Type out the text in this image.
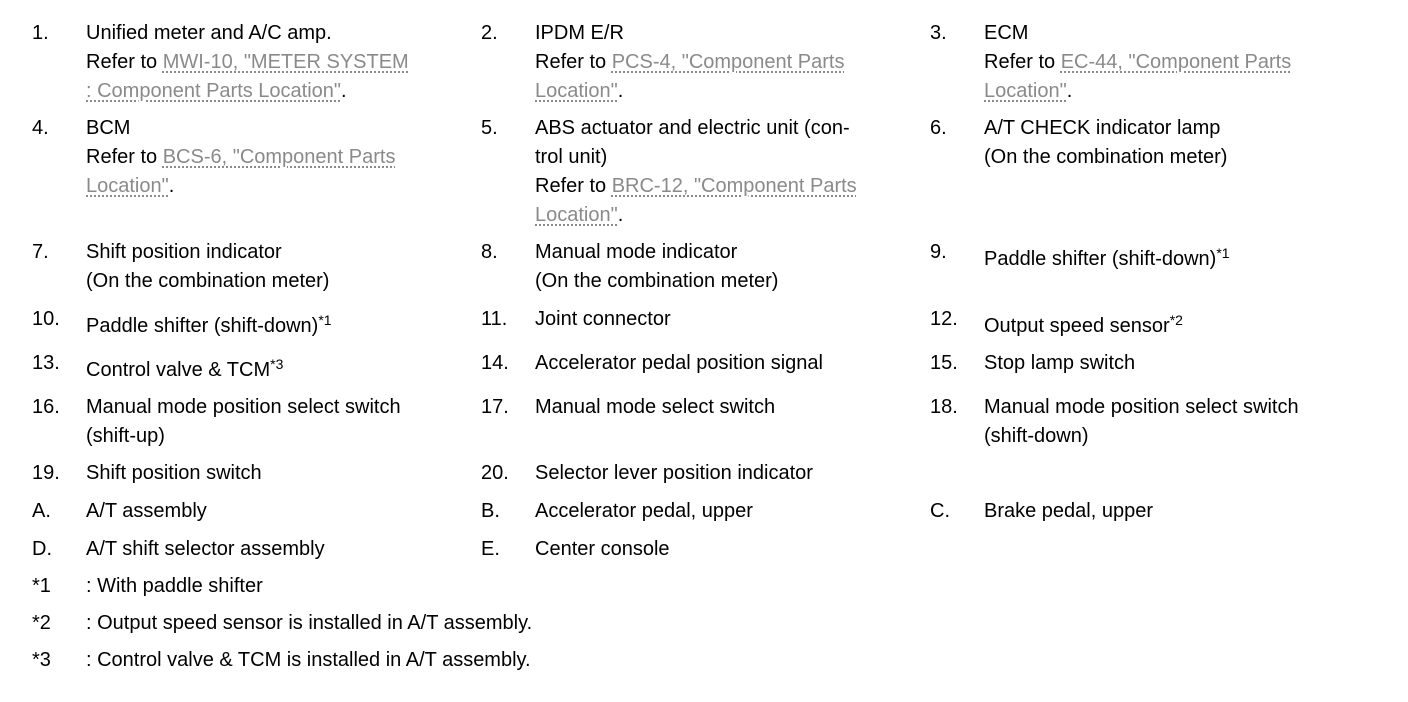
1. Unified meter and A/C amp.
Refer to MWI-10, "METER SYSTEM
: Component Parts Location".
2. IPDM E/R
Refer to PCS-4, "Component Parts
Location".
3. ECM
Refer to EC-44, "Component Parts
Location".
4. BCM
Refer to BCS-6, "Component Parts
Location".
5. ABS actuator and electric unit (con-
trol unit)
Refer to BRC-12, "Component Parts
Location".
6. A/T CHECK indicator lamp
(On the combination meter)
7. Shift position indicator
(On the combination meter)
8. Manual mode indicator
(On the combination meter)
9. Paddle shifter (shift-down)$^{*1}$
10. Paddle shifter (shift-down)$^{*1}$	11. Joint connector	12. Output speed sensor$^{*2}$
13. Control valve & TCM$^{*3}$	14. Accelerator pedal position signal	15. Stop lamp switch
16. Manual mode position select switch
(shift-up)
17. Manual mode select switch	18. Manual mode position select switch
(shift-down)
19. Shift position switch	20. Selector lever position indicator
A. A/T assembly	B. Accelerator pedal, upper	C. Brake pedal, upper
D. A/T shift selector assembly	E. Center console
*1 : With paddle shifter
*2 : Output speed sensor is installed in A/T assembly.
*3 : Control valve & TCM is installed in A/T assembly.
